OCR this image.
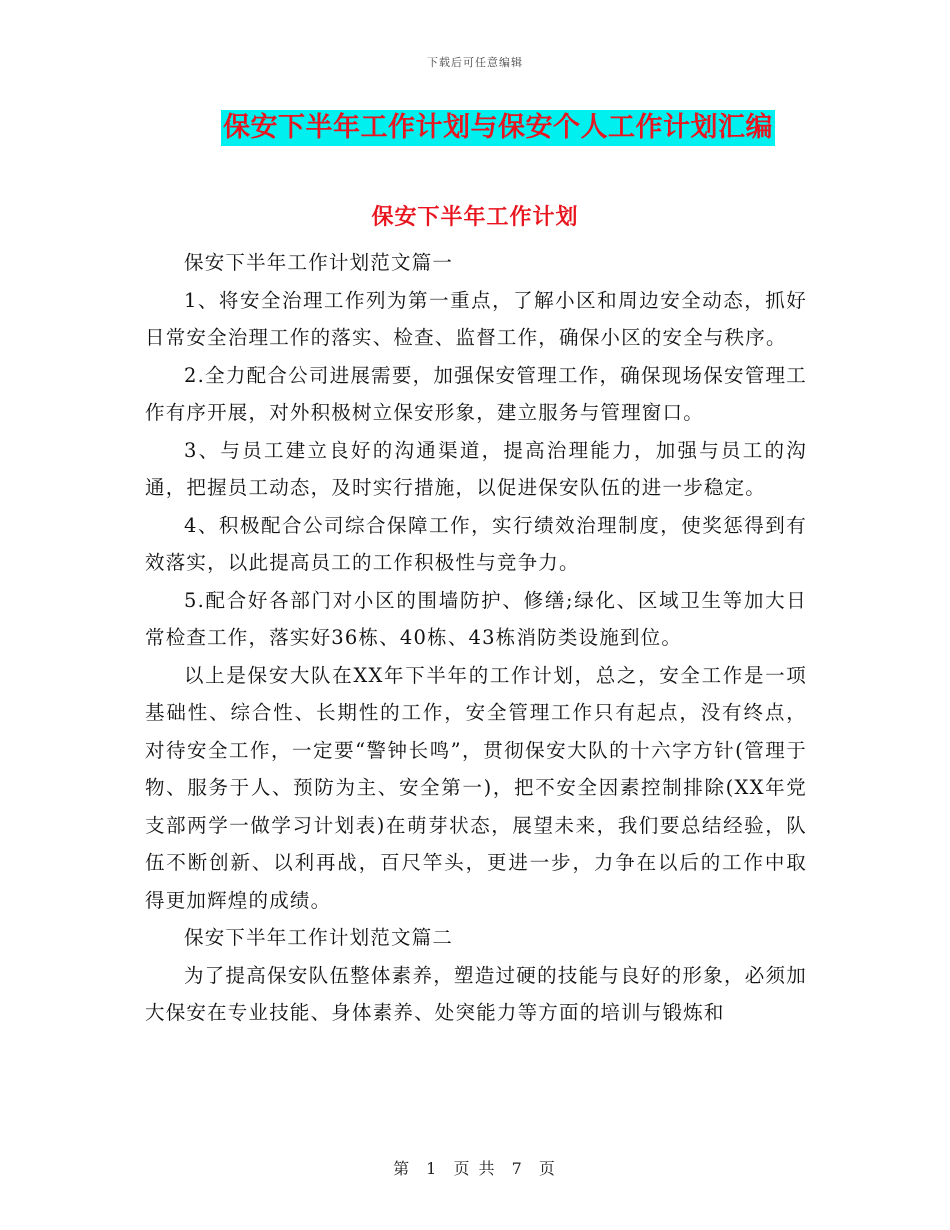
下载后可任意编辑
保安下半年工作计划与保安个人工作计划汇编
保安下半年工作计划

保安下半年工作计划范文篇一

1、将安全治理工作列为第一重点，了解小区和周边安全动态，抓好日常安全治理工作的落实、检查、监督工作，确保小区的安全与秩序。

2.全力配合公司进展需要，加强保安管理工作，确保现场保安管理工作有序开展，对外积极树立保安形象，建立服务与管理窗口。

3、与员工建立良好的沟通渠道，提高治理能力，加强与员工的沟通，把握员工动态，及时实行措施，以促进保安队伍的进一步稳定。

4、积极配合公司综合保障工作，实行绩效治理制度，使奖惩得到有效落实，以此提高员工的工作积极性与竞争力。

5.配合好各部门对小区的围墙防护、修缮;绿化、区域卫生等加大日常检查工作，落实好36栋、40栋、43栋消防类设施到位。

以上是保安大队在XX年下半年的工作计划，总之，安全工作是一项基础性、综合性、长期性的工作，安全管理工作只有起点，没有终点，对待安全工作，一定要“警钟长鸣”，贯彻保安大队的十六字方针(管理于物、服务于人、预防为主、安全第一)，把不安全因素控制排除(XX年党支部两学一做学习计划表)在萌芽状态，展望未来，我们要总结经验，队伍不断创新、以利再战，百尺竿头，更进一步，力争在以后的工作中取得更加辉煌的成绩。

保安下半年工作计划范文篇二

为了提高保安队伍整体素养，塑造过硬的技能与良好的形象，必须加大保安在专业技能、身体素养、处突能力等方面的培训与锻炼和

第 1 页 共 7 页
